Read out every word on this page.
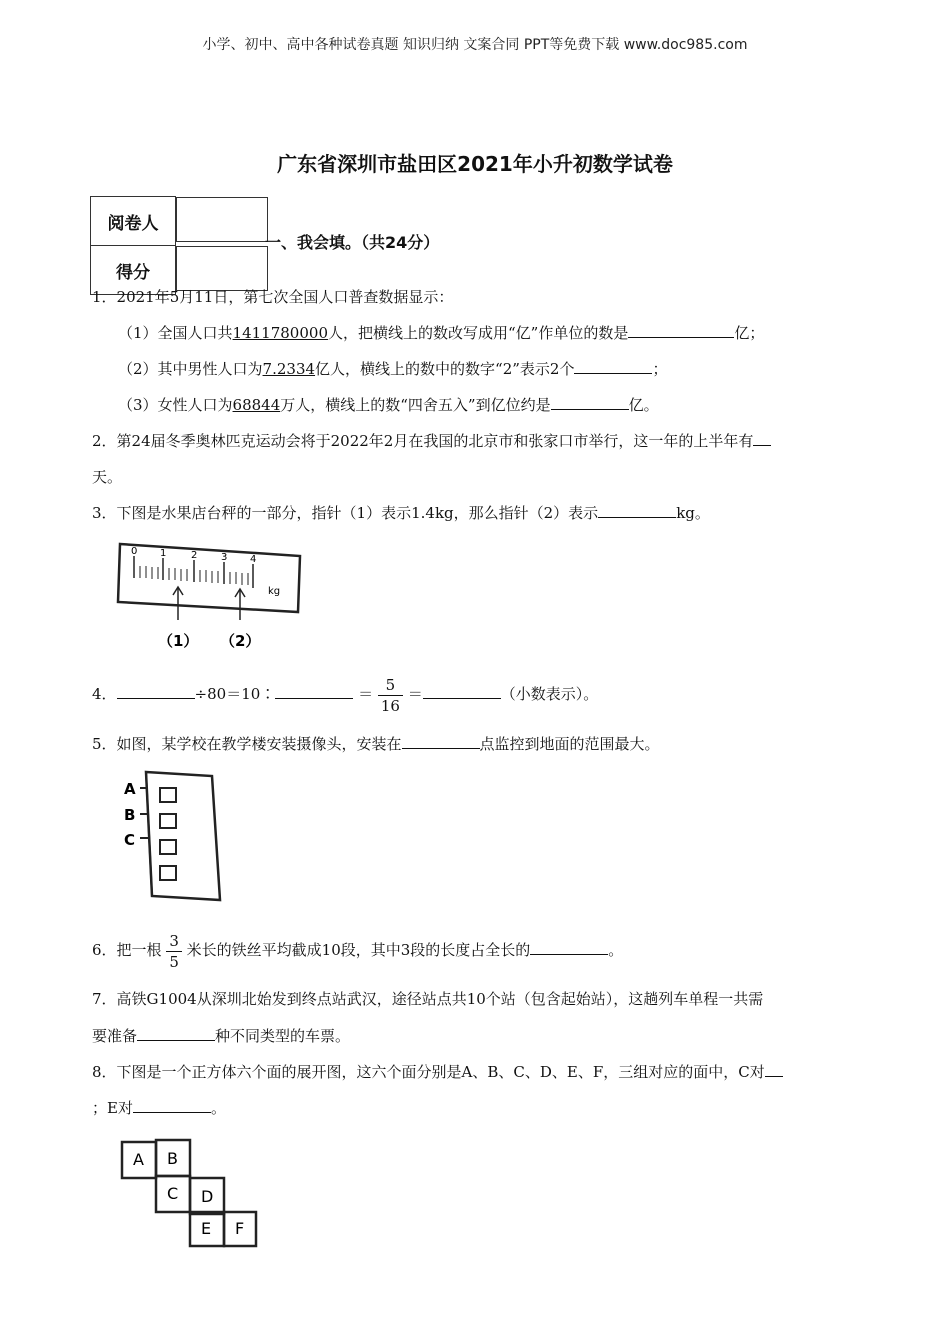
小学、初中、高中各种试卷真题 知识归纳 文案合同 PPT等免费下载 www.doc985.com
广东省深圳市盐田区2021年小升初数学试卷
阅卷人	
得分	
一、我会填。（共24分）
1．2021年5月11日，第七次全国人口普查数据显示：
（1）全国人口共1411780000人，把横线上的数改写成用“亿”作单位的数是	亿；
（2）其中男性人口为7.2334亿人，横线上的数中的数字“2”表示2个	；
（3）女性人口为68844万人，横线上的数“四舍五入”到亿位约是	亿。
2．第24届冬季奥林匹克运动会将于2022年2月在我国的北京市和张家口市举行，这一年的上半年有
天。
3．下图是水果店台秤的一部分，指针（1）表示1.4kg，那么指针（2）表示	kg。
0 1 2 3 4
kg
（1） （2）
4．	÷80＝10∶	＝ $\frac{5}{16}$ ＝	（小数表示）。
5．如图，某学校在教学楼安装摄像头，安装在	点监控到地面的范围最大。
A
B
C
6．把一根 $\frac{3}{5}$ 米长的铁丝平均截成10段，其中3段的长度占全长的	。
7．高铁G1004从深圳北始发到终点站武汉，途径站点共10个站（包含起始站），这趟列车单程一共需
要准备	种不同类型的车票。
8．下图是一个正方体六个面的展开图，这六个面分别是A、B、C、D、E、F，三组对应的面中，C对
；E对	。
A B
C D
E F
